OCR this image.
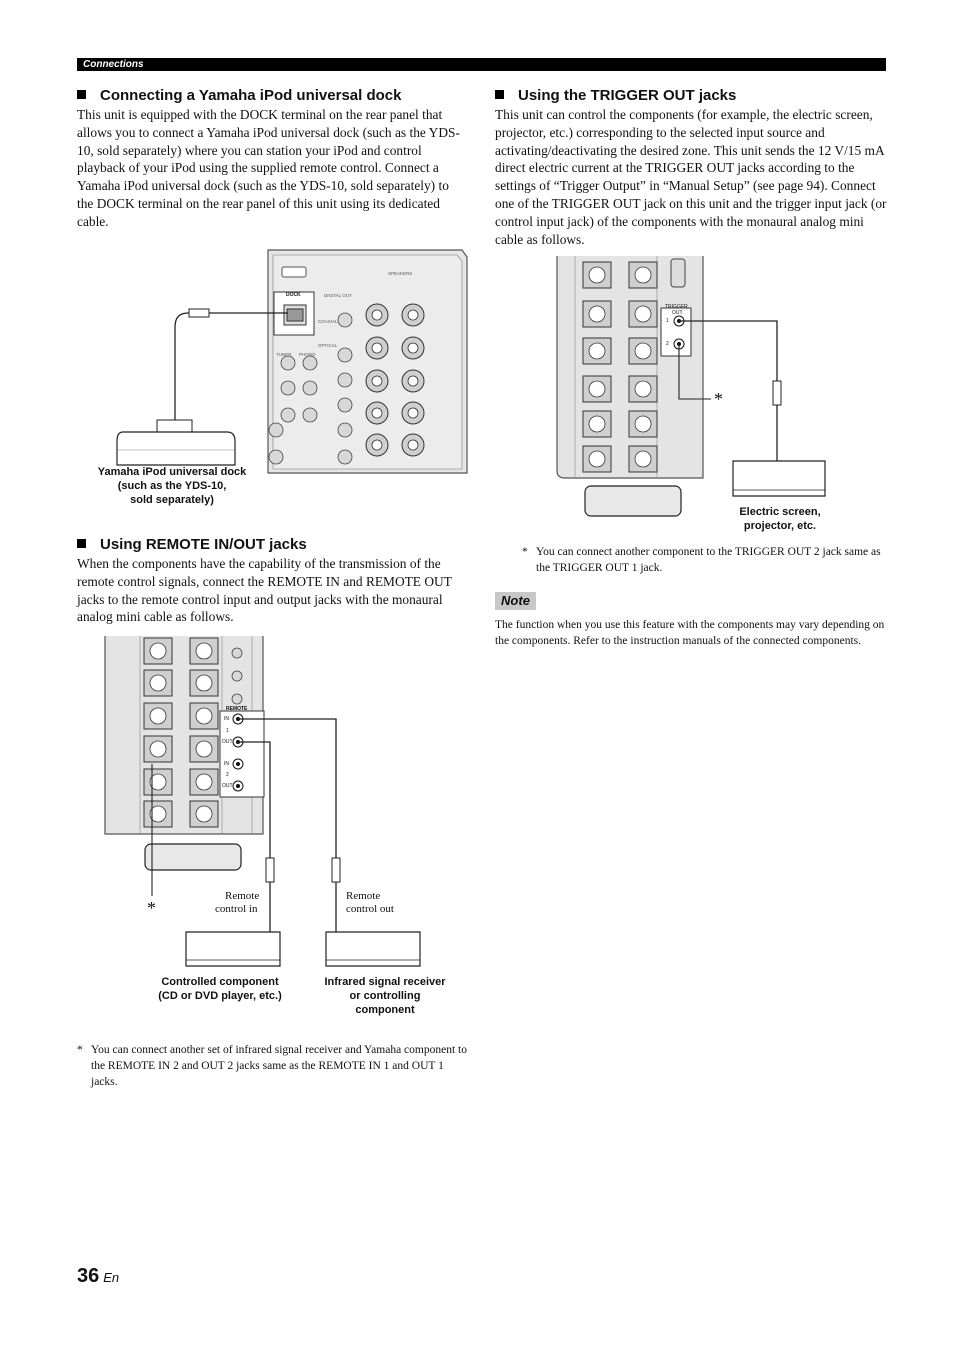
Connections
Connecting a Yamaha iPod universal dock
This unit is equipped with the DOCK terminal on the rear panel that allows you to connect a Yamaha iPod universal dock (such as the YDS-10, sold separately) where you can station your iPod and control playback of your iPod using the supplied remote control. Connect a Yamaha iPod universal dock (such as the YDS-10, sold separately) to the DOCK terminal on the rear panel of this unit using its dedicated cable.
DOCK	DIGITAL OUT
SPEAKERS
COAXIAL
OPTICAL
TUNER PHONO
Yamaha iPod universal dock
(such as the YDS-10,
sold separately)
Using REMOTE IN/OUT jacks
When the components have the capability of the transmission of the remote control signals, connect the REMOTE IN and REMOTE OUT jacks to the remote control input and output jacks with the monaural analog mini cable as follows.
REMOTE
IN
1
OUT
IN
2
OUT
*
Remote
control in
Remote
control out
Controlled component
(CD or DVD player, etc.)
Infrared signal receiver
or controlling
component
* You can connect another set of infrared signal receiver and Yamaha component to the REMOTE IN 2 and OUT 2 jacks same as the REMOTE IN 1 and OUT 1 jacks.
Using the TRIGGER OUT jacks
This unit can control the components (for example, the electric screen, projector, etc.) corresponding to the selected input source and activating/deactivating the desired zone. This unit sends the 12 V/15 mA direct electric current at the TRIGGER OUT jacks according to the settings of “Trigger Output” in “Manual Setup” (see page 94). Connect one of the TRIGGER OUT jack on this unit and the trigger input jack (or control input jack) of the components with the monaural analog mini cable as follows.
TRIGGER
OUT
1
2
*
Electric screen,
projector, etc.
* You can connect another component to the TRIGGER OUT 2 jack same as the TRIGGER OUT 1 jack.
Note
The function when you use this feature with the components may vary depending on the components. Refer to the instruction manuals of the connected components.
36 En
